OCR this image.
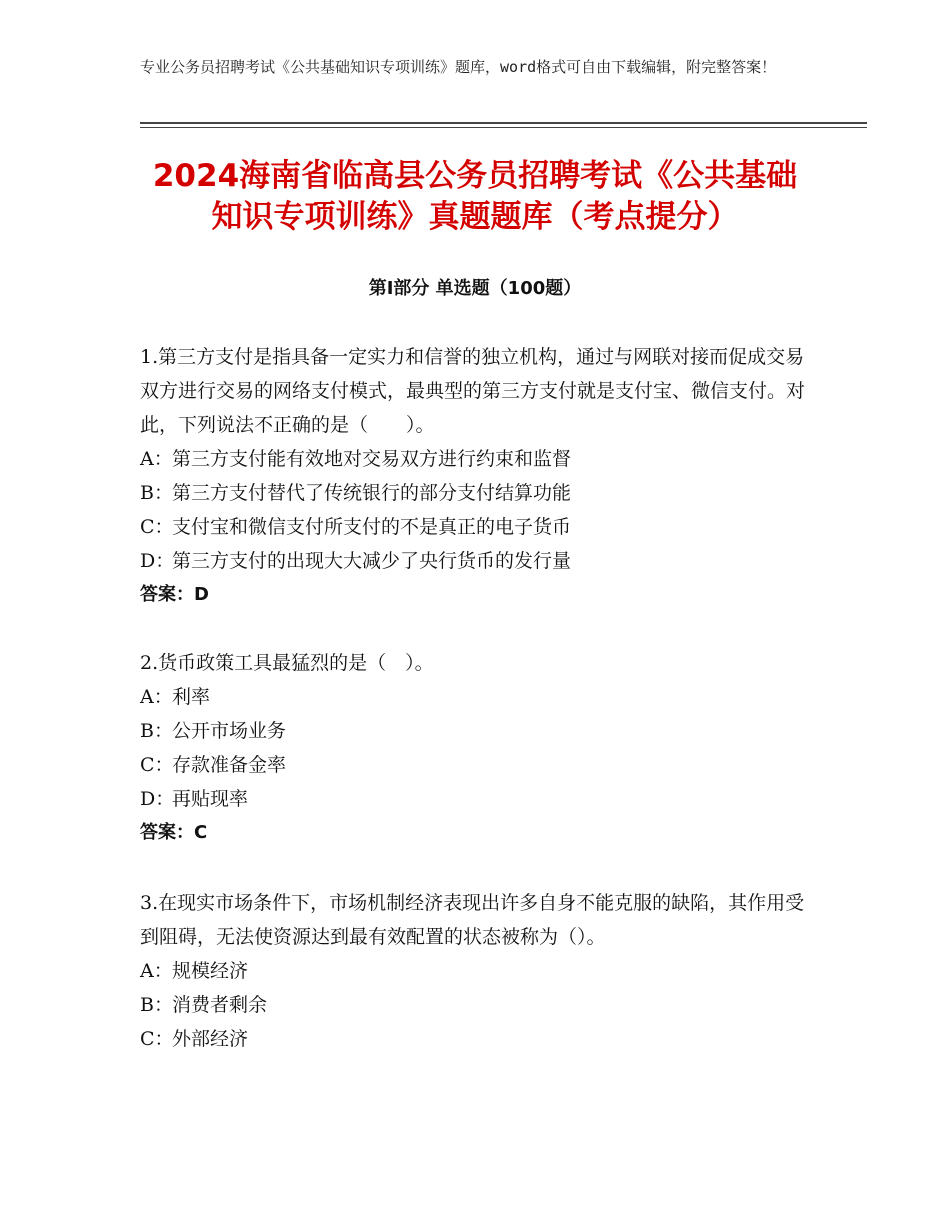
专业公务员招聘考试《公共基础知识专项训练》题库，word格式可自由下载编辑，附完整答案！
2024海南省临高县公务员招聘考试《公共基础知识专项训练》真题题库（考点提分）
第Ⅰ部分 单选题（100题）
1.第三方支付是指具备一定实力和信誉的独立机构，通过与网联对接而促成交易双方进行交易的网络支付模式，最典型的第三方支付就是支付宝、微信支付。对此，下列说法不正确的是（　　）。
A：第三方支付能有效地对交易双方进行约束和监督
B：第三方支付替代了传统银行的部分支付结算功能
C：支付宝和微信支付所支付的不是真正的电子货币
D：第三方支付的出现大大减少了央行货币的发行量
答案：D
2.货币政策工具最猛烈的是（　）。
A：利率
B：公开市场业务
C：存款准备金率
D：再贴现率
答案：C
3.在现实市场条件下，市场机制经济表现出许多自身不能克服的缺陷，其作用受到阻碍，无法使资源达到最有效配置的状态被称为（）。
A：规模经济
B：消费者剩余
C：外部经济
